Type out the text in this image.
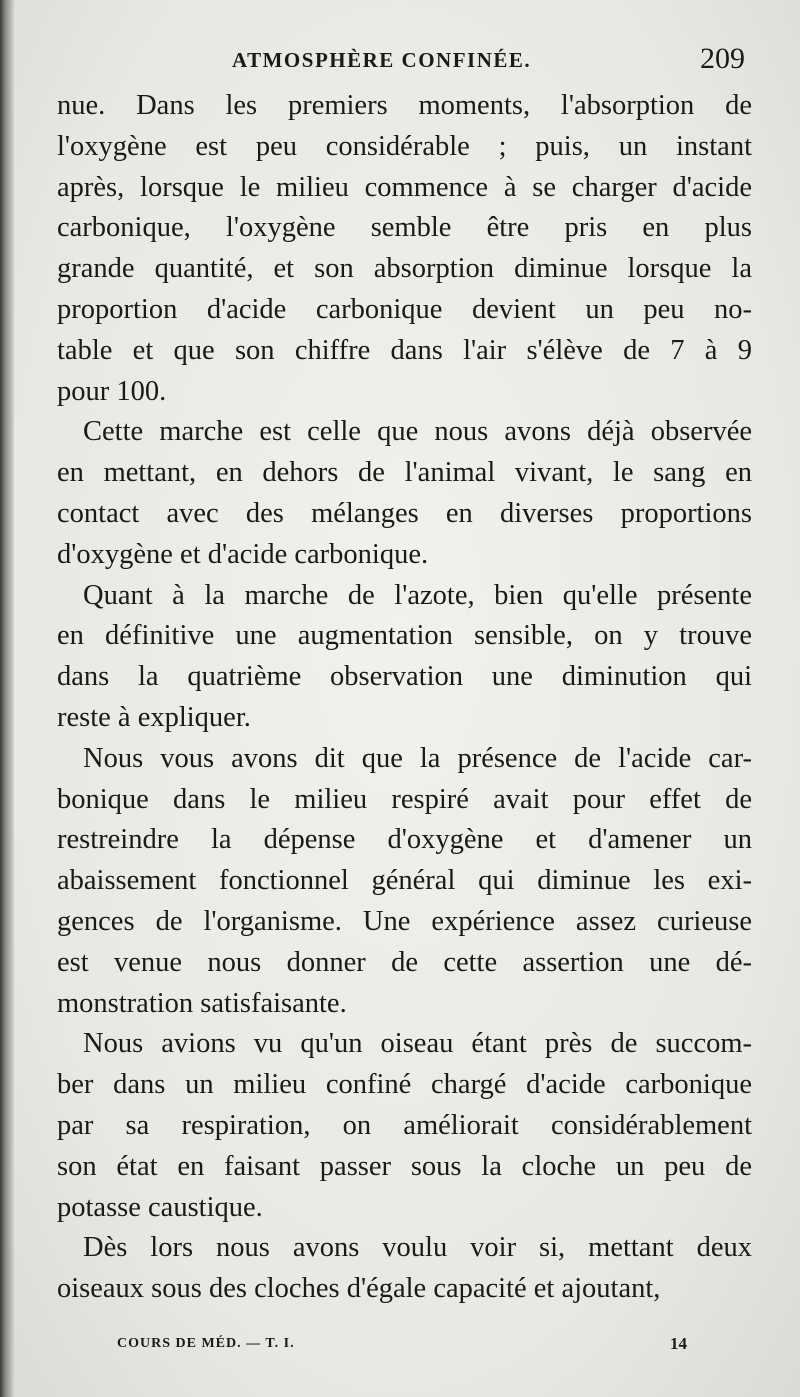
ATMOSPHÈRE CONFINÉE.	209
nue. Dans les premiers moments, l'absorption de
l'oxygène est peu considérable ; puis, un instant
après, lorsque le milieu commence à se charger d'acide
carbonique, l'oxygène semble être pris en plus
grande quantité, et son absorption diminue lorsque la
proportion d'acide carbonique devient un peu no-
table et que son chiffre dans l'air s'élève de 7 à 9
pour 100.
Cette marche est celle que nous avons déjà observée
en mettant, en dehors de l'animal vivant, le sang en
contact avec des mélanges en diverses proportions
d'oxygène et d'acide carbonique.
Quant à la marche de l'azote, bien qu'elle présente
en définitive une augmentation sensible, on y trouve
dans la quatrième observation une diminution qui
reste à expliquer.
Nous vous avons dit que la présence de l'acide car-
bonique dans le milieu respiré avait pour effet de
restreindre la dépense d'oxygène et d'amener un
abaissement fonctionnel général qui diminue les exi-
gences de l'organisme. Une expérience assez curieuse
est venue nous donner de cette assertion une dé-
monstration satisfaisante.
Nous avions vu qu'un oiseau étant près de succom-
ber dans un milieu confiné chargé d'acide carbonique
par sa respiration, on améliorait considérablement
son état en faisant passer sous la cloche un peu de
potasse caustique.
Dès lors nous avons voulu voir si, mettant deux
oiseaux sous des cloches d'égale capacité et ajoutant,
COURS DE MÉD. — T. I.	14
